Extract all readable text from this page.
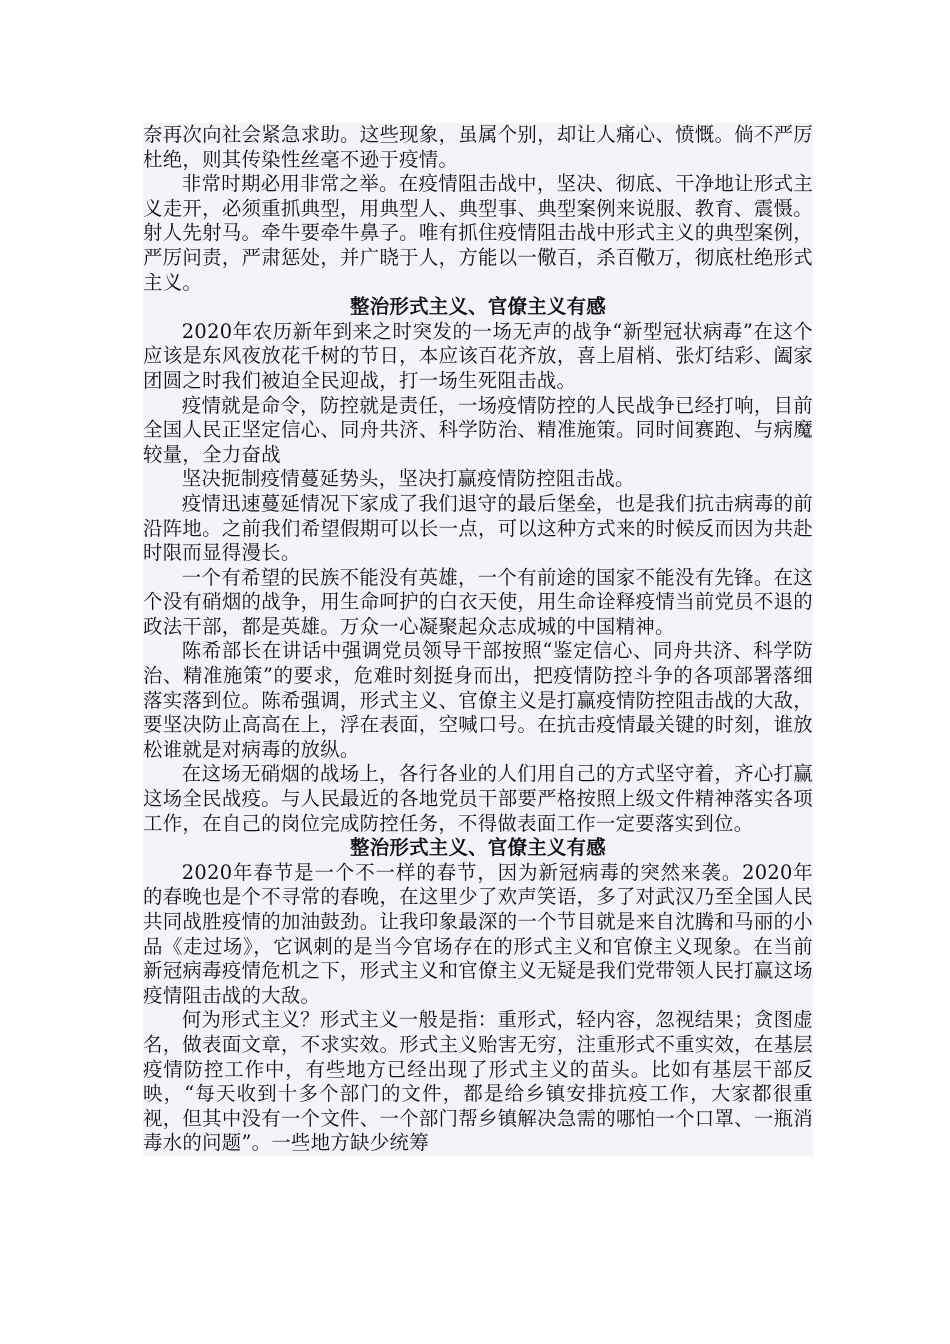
奈再次向社会紧急求助。这些现象，虽属个别，却让人痛心、愤慨。倘不严厉杜绝，则其传染性丝毫不逊于疫情。

非常时期必用非常之举。在疫情阻击战中，坚决、彻底、干净地让形式主义走开，必须重抓典型，用典型人、典型事、典型案例来说服、教育、震慑。射人先射马。牵牛要牵牛鼻子。唯有抓住疫情阻击战中形式主义的典型案例，严厉问责，严肃惩处，并广晓于人，方能以一儆百，杀百儆万，彻底杜绝形式主义。

整治形式主义、官僚主义有感

2020年农历新年到来之时突发的一场无声的战争“新型冠状病毒”在这个应该是东风夜放花千树的节日，本应该百花齐放，喜上眉梢、张灯结彩、阖家团圆之时我们被迫全民迎战，打一场生死阻击战。

疫情就是命令，防控就是责任，一场疫情防控的人民战争已经打响，目前全国人民正坚定信心、同舟共济、科学防治、精准施策。同时间赛跑、与病魔较量，全力奋战

坚决扼制疫情蔓延势头，坚决打赢疫情防控阻击战。

疫情迅速蔓延情况下家成了我们退守的最后堡垒，也是我们抗击病毒的前沿阵地。之前我们希望假期可以长一点，可以这种方式来的时候反而因为共赴时限而显得漫长。

一个有希望的民族不能没有英雄，一个有前途的国家不能没有先锋。在这个没有硝烟的战争，用生命呵护的白衣天使，用生命诠释疫情当前党员不退的政法干部，都是英雄。万众一心凝聚起众志成城的中国精神。

陈希部长在讲话中强调党员领导干部按照“鉴定信心、同舟共济、科学防治、精准施策”的要求，危难时刻挺身而出，把疫情防控斗争的各项部署落细落实落到位。陈希强调，形式主义、官僚主义是打赢疫情防控阻击战的大敌，要坚决防止高高在上，浮在表面，空喊口号。在抗击疫情最关键的时刻，谁放松谁就是对病毒的放纵。

在这场无硝烟的战场上，各行各业的人们用自己的方式坚守着，齐心打赢这场全民战疫。与人民最近的各地党员干部要严格按照上级文件精神落实各项工作，在自己的岗位完成防控任务，不得做表面工作一定要落实到位。

整治形式主义、官僚主义有感

2020年春节是一个不一样的春节，因为新冠病毒的突然来袭。2020年的春晚也是个不寻常的春晚，在这里少了欢声笑语，多了对武汉乃至全国人民共同战胜疫情的加油鼓劲。让我印象最深的一个节目就是来自沈腾和马丽的小品《走过场》，它讽刺的是当今官场存在的形式主义和官僚主义现象。在当前新冠病毒疫情危机之下，形式主义和官僚主义无疑是我们党带领人民打赢这场疫情阻击战的大敌。

何为形式主义？形式主义一般是指：重形式，轻内容，忽视结果；贪图虚名，做表面文章，不求实效。形式主义贻害无穷，注重形式不重实效，在基层疫情防控工作中，有些地方已经出现了形式主义的苗头。比如有基层干部反映，“每天收到十多个部门的文件，都是给乡镇安排抗疫工作，大家都很重视，但其中没有一个文件、一个部门帮乡镇解决急需的哪怕一个口罩、一瓶消毒水的问题”。一些地方缺少统筹
